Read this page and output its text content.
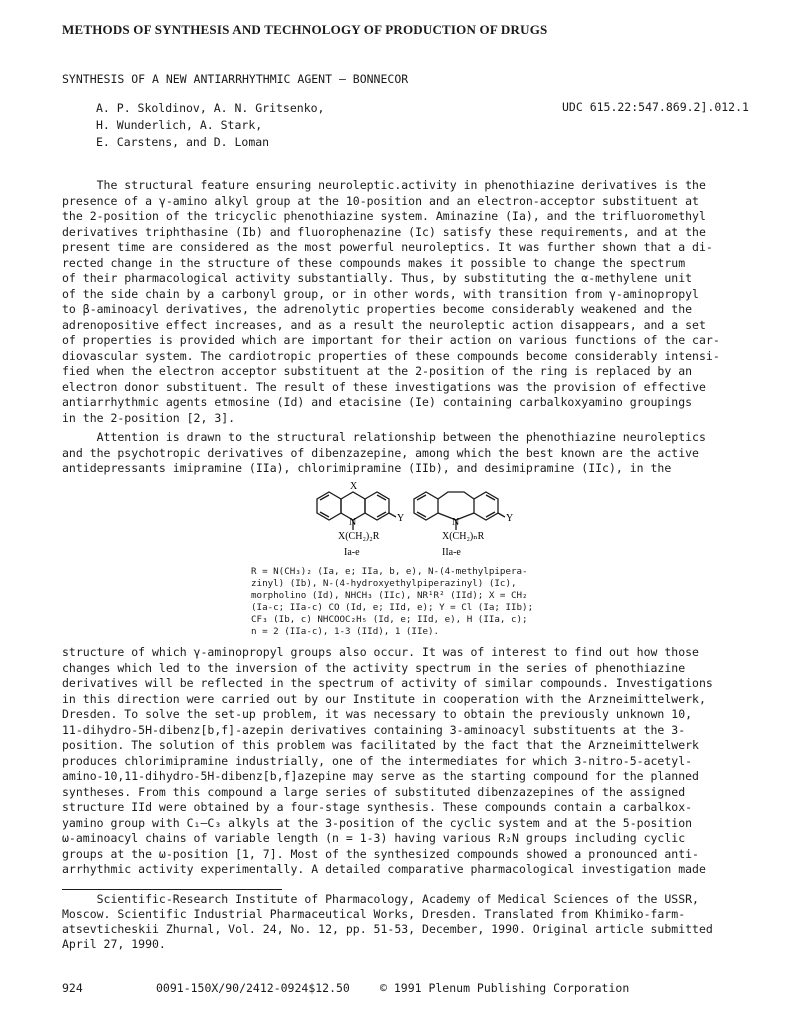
METHODS OF SYNTHESIS AND TECHNOLOGY OF PRODUCTION OF DRUGS
SYNTHESIS OF A NEW ANTIARRHYTHMIC AGENT — BONNECOR
A. P. Skoldinov, A. N. Gritsenko,
H. Wunderlich, A. Stark,
E. Carstens, and D. Loman
UDC 615.22:547.869.2].012.1
The structural feature ensuring neuroleptic.activity in phenothiazine derivatives is the
presence of a γ-amino alkyl group at the 10-position and an electron-acceptor substituent at
the 2-position of the tricyclic phenothiazine system. Aminazine (Ia), and the trifluoromethyl
derivatives triphthasine (Ib) and fluorophenazine (Ic) satisfy these requirements, and at the
present time are considered as the most powerful neuroleptics. It was further shown that a di-
rected change in the structure of these compounds makes it possible to change the spectrum
of their pharmacological activity substantially. Thus, by substituting the α-methylene unit
of the side chain by a carbonyl group, or in other words, with transition from γ-aminopropyl
to β-aminoacyl derivatives, the adrenolytic properties become considerably weakened and the
adrenopositive effect increases, and as a result the neuroleptic action disappears, and a set
of properties is provided which are important for their action on various functions of the car-
diovascular system. The cardiotropic properties of these compounds become considerably intensi-
fied when the electron acceptor substituent at the 2-position of the ring is replaced by an
electron donor substituent. The result of these investigations was the provision of effective
antiarrhythmic agents etmosine (Id) and etacisine (Ie) containing carbalkoxyamino groupings
in the 2-position [2, 3].
Attention is drawn to the structural relationship between the phenothiazine neuroleptics
and the psychotropic derivatives of dibenzazepine, among which the best known are the active
antidepressants imipramine (IIa), chlorimipramine (IIb), and desimipramine (IIc), in the
X
N	Y
X(CH₂)₂R
Ia-e
N	Y
X(CH₂)ₙR
IIa-e
R = N(CH₃)₂ (Ia, e; IIa, b, e), N-(4-methylpipera-
zinyl) (Ib), N-(4-hydroxyethylpiperazinyl) (Ic),
morpholino (Id), NHCH₃ (IIc), NR¹R² (IId); X = CH₂
(Ia-c; IIa-c) CO (Id, e; IId, e); Y = Cl (Ia; IIb);
CF₃ (Ib, c) NHCOOC₂H₅ (Id, e; IId, e), H (IIa, c);
n = 2 (IIa-c), 1-3 (IId), 1 (IIe).
structure of which γ-aminopropyl groups also occur. It was of interest to find out how those
changes which led to the inversion of the activity spectrum in the series of phenothiazine
derivatives will be reflected in the spectrum of activity of similar compounds. Investigations
in this direction were carried out by our Institute in cooperation with the Arzneimittelwerk,
Dresden. To solve the set-up problem, it was necessary to obtain the previously unknown 10,
11-dihydro-5H-dibenz[b,f]-azepin derivatives containing 3-aminoacyl substituents at the 3-
position. The solution of this problem was facilitated by the fact that the Arzneimittelwerk
produces chlorimipramine industrially, one of the intermediates for which 3-nitro-5-acetyl-
amino-10,11-dihydro-5H-dibenz[b,f]azepine may serve as the starting compound for the planned
syntheses. From this compound a large series of substituted dibenzazepines of the assigned
structure IId were obtained by a four-stage synthesis. These compounds contain a carbalkox-
yamino group with C₁–C₃ alkyls at the 3-position of the cyclic system and at the 5-position
ω-aminoacyl chains of variable length (n = 1-3) having various R₂N groups including cyclic
groups at the ω-position [1, 7]. Most of the synthesized compounds showed a pronounced anti-
arrhythmic activity experimentally. A detailed comparative pharmacological investigation made
Scientific-Research Institute of Pharmacology, Academy of Medical Sciences of the USSR,
Moscow. Scientific Industrial Pharmaceutical Works, Dresden. Translated from Khimiko-farm-
atsevticheskii Zhurnal, Vol. 24, No. 12, pp. 51-53, December, 1990. Original article submitted
April 27, 1990.
924	0091-150X/90/2412-0924$12.50	© 1991 Plenum Publishing Corporation
